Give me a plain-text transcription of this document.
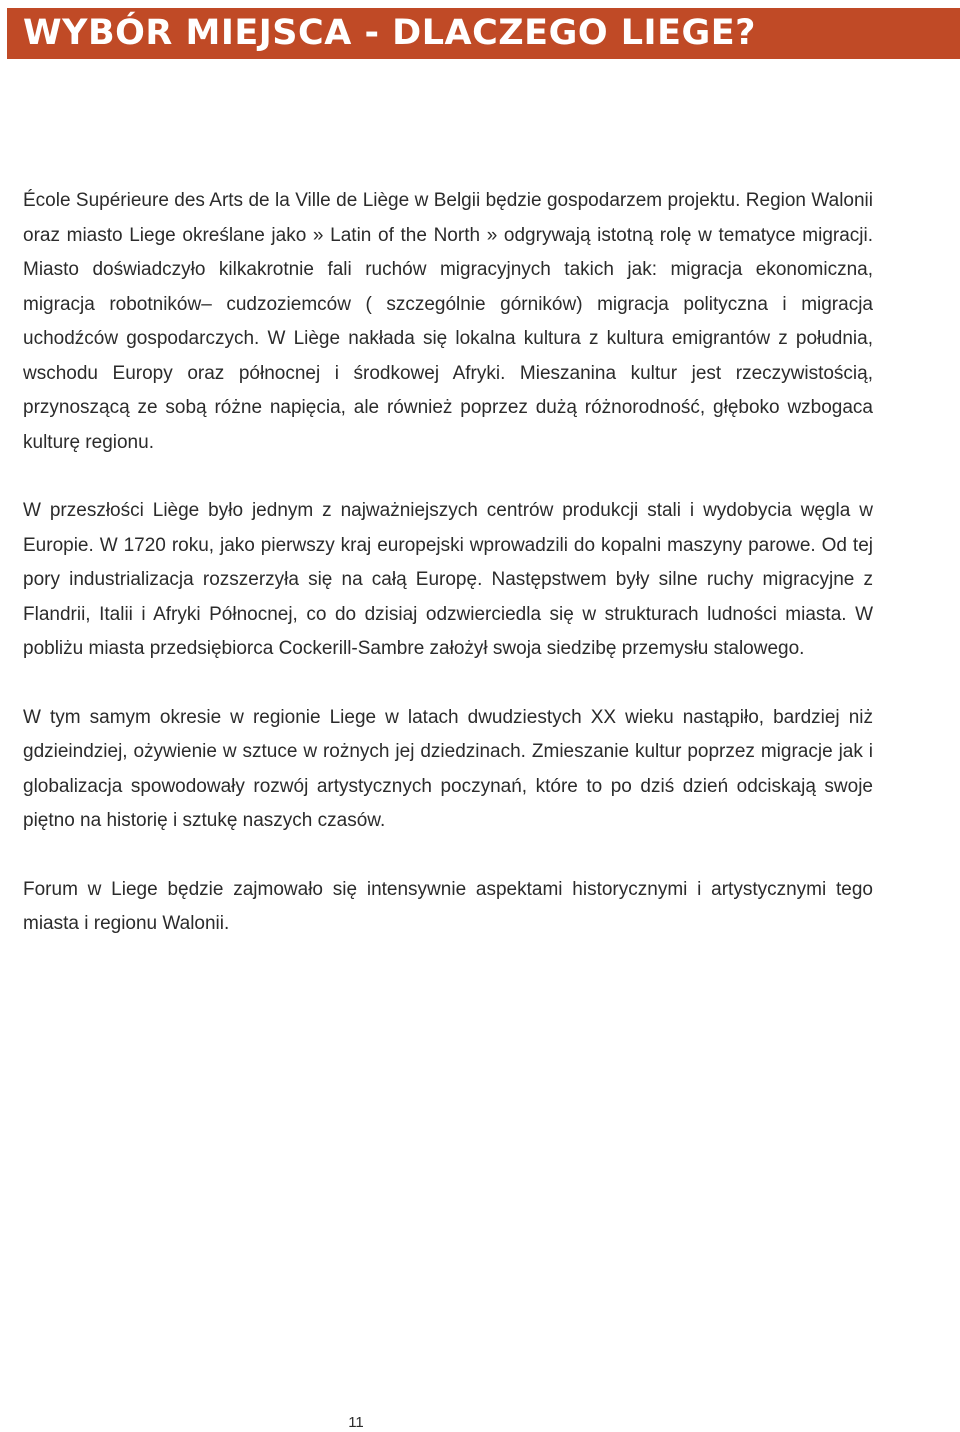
WYBÓR MIEJSCA - DLACZEGO LIEGE?

École Supérieure des Arts de la Ville de Liège w Belgii będzie gospodarzem projektu. Region Walonii oraz miasto Liege określane jako » Latin of the North » odgrywają istotną rolę w tematyce migracji. Miasto doświadczyło kilkakrotnie fali ruchów migracyjnych takich jak: migracja ekonomiczna, migracja robotników– cudzoziemców ( szczególnie górników) migracja polityczna i migracja uchodźców gospodarczych. W Liège nakłada się lokalna kultura z kultura emigrantów z południa, wschodu Europy oraz północnej i środkowej Afryki. Mieszanina kultur jest rzeczywistością, przynoszącą ze sobą różne napięcia, ale również poprzez dużą różnorodność, głęboko wzbogaca kulturę regionu.

W przeszłości Liège było jednym z najważniejszych centrów produkcji stali i wydobycia węgla w Europie. W 1720 roku, jako pierwszy kraj europejski wprowadzili do kopalni maszyny parowe. Od tej pory industrializacja rozszerzyła się na całą Europę. Następstwem były silne ruchy migracyjne z Flandrii, Italii i Afryki Północnej, co do dzisiaj odzwierciedla się w strukturach ludności miasta. W pobliżu miasta przedsiębiorca Cockerill-Sambre założył swoja siedzibę przemysłu stalowego.

W tym samym okresie w regionie Liege w latach dwudziestych XX wieku nastąpiło, bardziej niż gdzieindziej, ożywienie w sztuce w rożnych jej dziedzinach. Zmieszanie kultur poprzez migracje jak i globalizacja spowodowały rozwój artystycznych poczynań, które to po dziś dzień odciskają swoje piętno na historię i sztukę naszych czasów.

Forum w Liege będzie zajmowało się intensywnie aspektami historycznymi i artystycznymi tego miasta i regionu Walonii.

11
